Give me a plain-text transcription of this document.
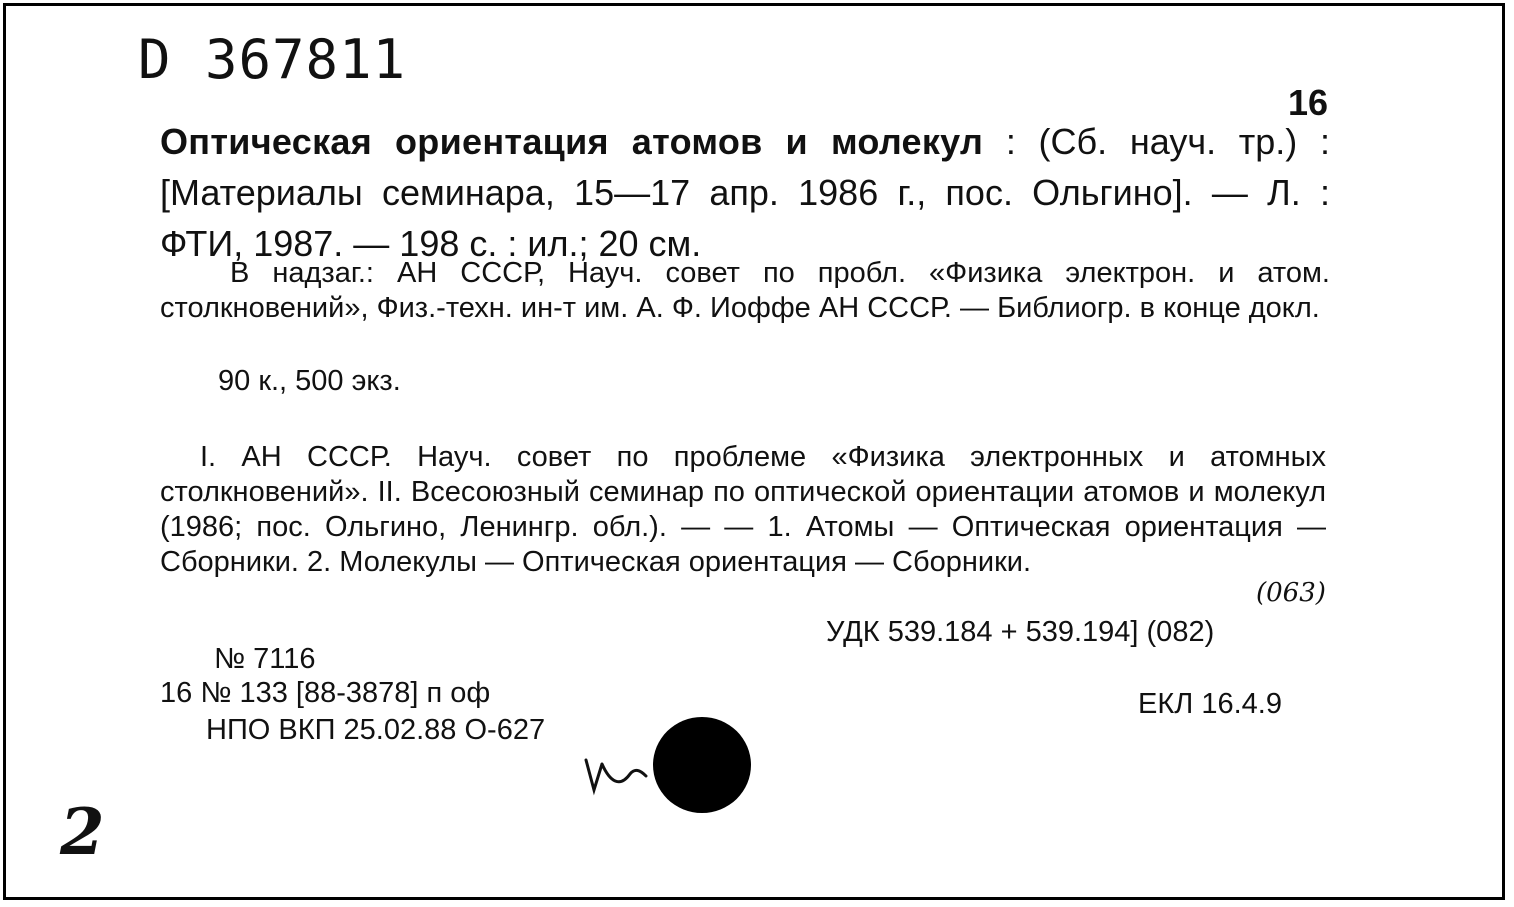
D 367811
16
Оптическая ориентация атомов и молекул : (Сб. науч. тр.) : [Материалы семинара, 15—17 апр. 1986 г., пос. Ольгино]. — Л. : ФТИ, 1987. — 198 с. : ил.; 20 см.
В надзаг.: АН СССР, Науч. совет по пробл. «Физика электрон. и атом. столкновений», Физ.-техн. ин-т им. А. Ф. Иоффе АН СССР. — Библиогр. в конце докл.
90 к., 500 экз.
I. АН СССР. Науч. совет по проблеме «Физика электронных и атомных столкновений». II. Всесоюзный семинар по оптической ориентации атомов и молекул (1986; пос. Ольгино, Ленингр. обл.). — — 1. Атомы — Оптическая ориентация — Сборники. 2. Молекулы — Оптическая ориентация — Сборники.
(063)
УДК 539.184 + 539.194] (082)
№ 7116
16 № 133 [88-3878] п оф
НПО ВКП 25.02.88 О-627
ЕКЛ 16.4.9
2
